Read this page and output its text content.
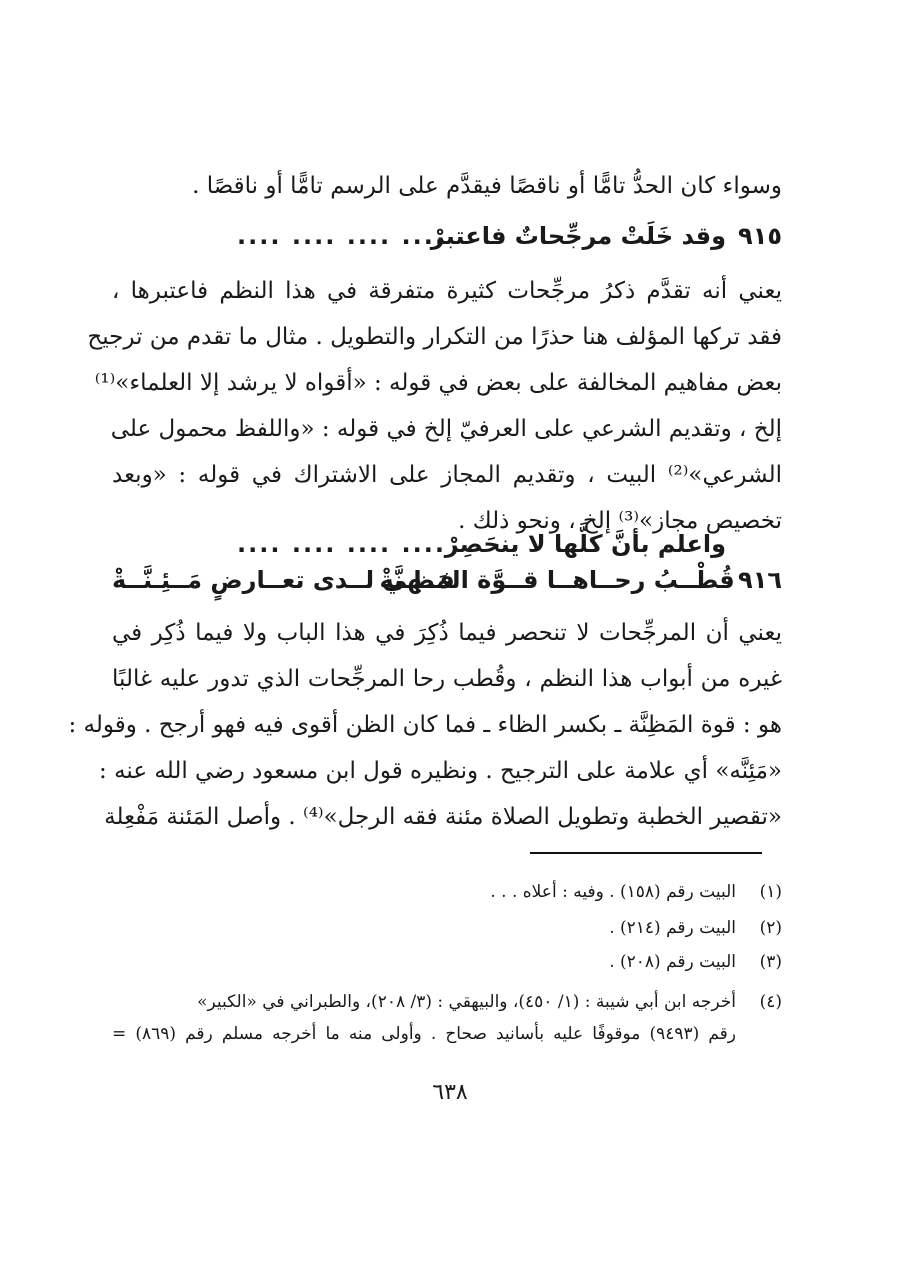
وسواء كان الحدُّ تامًّا أو ناقصًا فيقدَّم على الرسم تامًّا أو ناقصًا .
٩١٥
وقد خَلَتْ مرجِّحاتٌ فاعتبرْ
.... .... .... ....
يعني أنه تقدَّم ذكرُ مرجِّحات كثيرة متفرقة في هذا النظم فاعتبرها ،
فقد تركها المؤلف هنا حذرًا من التكرار والتطويل . مثال ما تقدم من ترجيح
بعض مفاهيم المخالفة على بعض في قوله : «أقواه لا يرشد إلا العلماء»⁽¹⁾
إلخ ، وتقديم الشرعي على العرفيّ إلخ في قوله : «واللفظ محمول على
الشرعي»⁽²⁾ البيت ، وتقديم المجاز على الاشتراك في قوله : «وبعد
تخصيص مجاز»⁽³⁾ إلخ ، ونحو ذلك .
واعلم بأنَّ كلَّها لا ينحَصِرْ
.... .... .... ....
٩١٦
قُطْــبُ رحــاهــا قــوَّة المَظِـنَّةْ
فــهي لــدى تعــارضٍ مَــئِـنَّــةْ
يعني أن المرجِّحات لا تنحصر فيما ذُكِرَ في هذا الباب ولا فيما ذُكِر في
غيره من أبواب هذا النظم ، وقُطب رحا المرجِّحات الذي تدور عليه غالبًا
هو : قوة المَظِنَّة ـ بكسر الظاء ـ فما كان الظن أقوى فيه فهو أرجح . وقوله :
«مَئِنَّه» أي علامة على الترجيح . ونظيره قول ابن مسعود رضي الله عنه :
«تقصير الخطبة وتطويل الصلاة مئنة فقه الرجل»⁽⁴⁾ . وأصل المَئنة مَفْعِلة
(١)
البيت رقم (١٥٨) . وفيه : أعلاه . . .
(٢)
البيت رقم (٢١٤) .
(٣)
البيت رقم (٢٠٨) .
(٤)
أخرجه ابن أبي شيبة : (١/ ٤٥٠)، والبيهقي : (٣/ ٢٠٨)، والطبراني في «الكبير»
رقم (٩٤٩٣) موقوفًا عليه بأسانيد صحاح . وأولى منه ما أخرجه مسلم رقم (٨٦٩) =
٦٣٨
